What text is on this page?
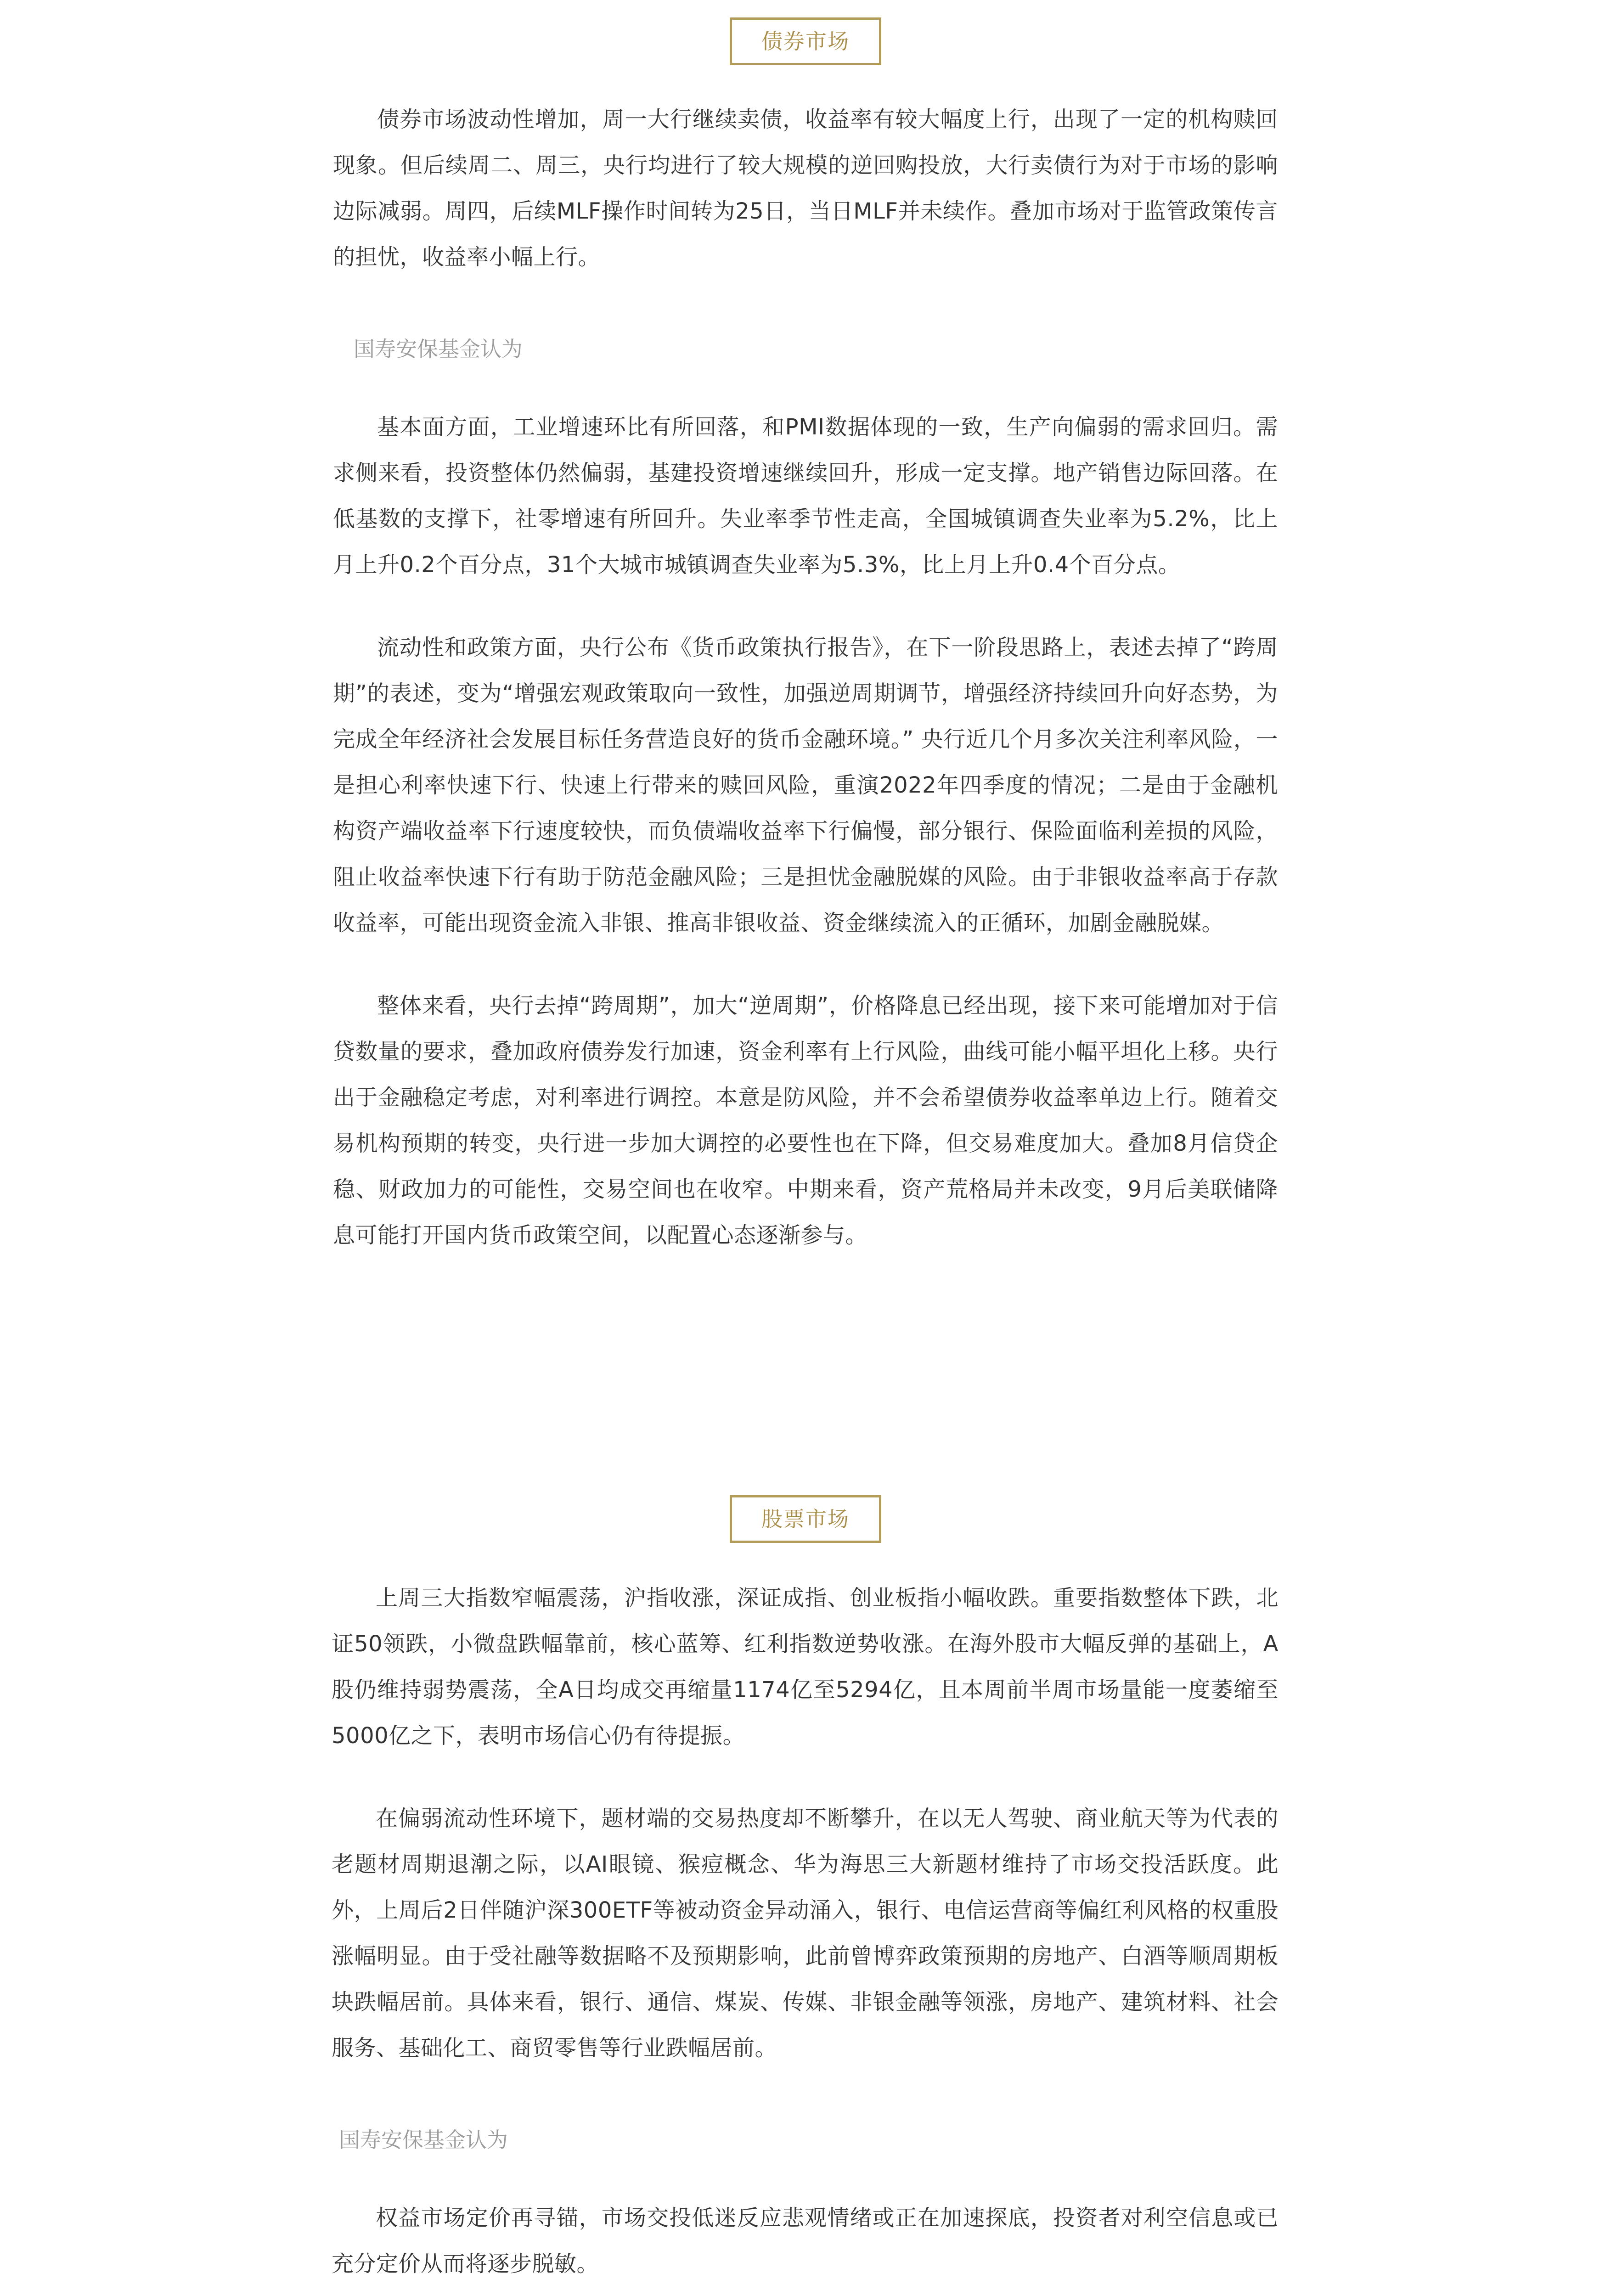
债券市场

债券市场波动性增加，周一大行继续卖债，收益率有较大幅度上行，出现了一定的机构赎回现象。但后续周二、周三，央行均进行了较大规模的逆回购投放，大行卖债行为对于市场的影响边际减弱。周四，后续MLF操作时间转为25日，当日MLF并未续作。叠加市场对于监管政策传言的担忧，收益率小幅上行。

国寿安保基金认为

基本面方面，工业增速环比有所回落，和PMI数据体现的一致，生产向偏弱的需求回归。需求侧来看，投资整体仍然偏弱，基建投资增速继续回升，形成一定支撑。地产销售边际回落。在低基数的支撑下，社零增速有所回升。失业率季节性走高，全国城镇调查失业率为5.2%，比上月上升0.2个百分点，31个大城市城镇调查失业率为5.3%，比上月上升0.4个百分点。

流动性和政策方面，央行公布《货币政策执行报告》，在下一阶段思路上，表述去掉了“跨周期”的表述，变为“增强宏观政策取向一致性，加强逆周期调节，增强经济持续回升向好态势，为完成全年经济社会发展目标任务营造良好的货币金融环境。” 央行近几个月多次关注利率风险，一是担心利率快速下行、快速上行带来的赎回风险，重演2022年四季度的情况；二是由于金融机构资产端收益率下行速度较快，而负债端收益率下行偏慢，部分银行、保险面临利差损的风险，阻止收益率快速下行有助于防范金融风险；三是担忧金融脱媒的风险。由于非银收益率高于存款收益率，可能出现资金流入非银、推高非银收益、资金继续流入的正循环，加剧金融脱媒。

整体来看，央行去掉“跨周期”，加大“逆周期”，价格降息已经出现，接下来可能增加对于信贷数量的要求，叠加政府债券发行加速，资金利率有上行风险，曲线可能小幅平坦化上移。央行出于金融稳定考虑，对利率进行调控。本意是防风险，并不会希望债券收益率单边上行。随着交易机构预期的转变，央行进一步加大调控的必要性也在下降，但交易难度加大。叠加8月信贷企稳、财政加力的可能性，交易空间也在收窄。中期来看，资产荒格局并未改变，9月后美联储降息可能打开国内货币政策空间，以配置心态逐渐参与。

股票市场

上周三大指数窄幅震荡，沪指收涨，深证成指、创业板指小幅收跌。重要指数整体下跌，北证50领跌，小微盘跌幅靠前，核心蓝筹、红利指数逆势收涨。在海外股市大幅反弹的基础上，A股仍维持弱势震荡，全A日均成交再缩量1174亿至5294亿，且本周前半周市场量能一度萎缩至5000亿之下，表明市场信心仍有待提振。

在偏弱流动性环境下，题材端的交易热度却不断攀升，在以无人驾驶、商业航天等为代表的老题材周期退潮之际，以AI眼镜、猴痘概念、华为海思三大新题材维持了市场交投活跃度。此外，上周后2日伴随沪深300ETF等被动资金异动涌入，银行、电信运营商等偏红利风格的权重股涨幅明显。由于受社融等数据略不及预期影响，此前曾博弈政策预期的房地产、白酒等顺周期板块跌幅居前。具体来看，银行、通信、煤炭、传媒、非银金融等领涨，房地产、建筑材料、社会服务、基础化工、商贸零售等行业跌幅居前。

国寿安保基金认为

权益市场定价再寻锚，市场交投低迷反应悲观情绪或正在加速探底，投资者对利空信息或已充分定价从而将逐步脱敏。
